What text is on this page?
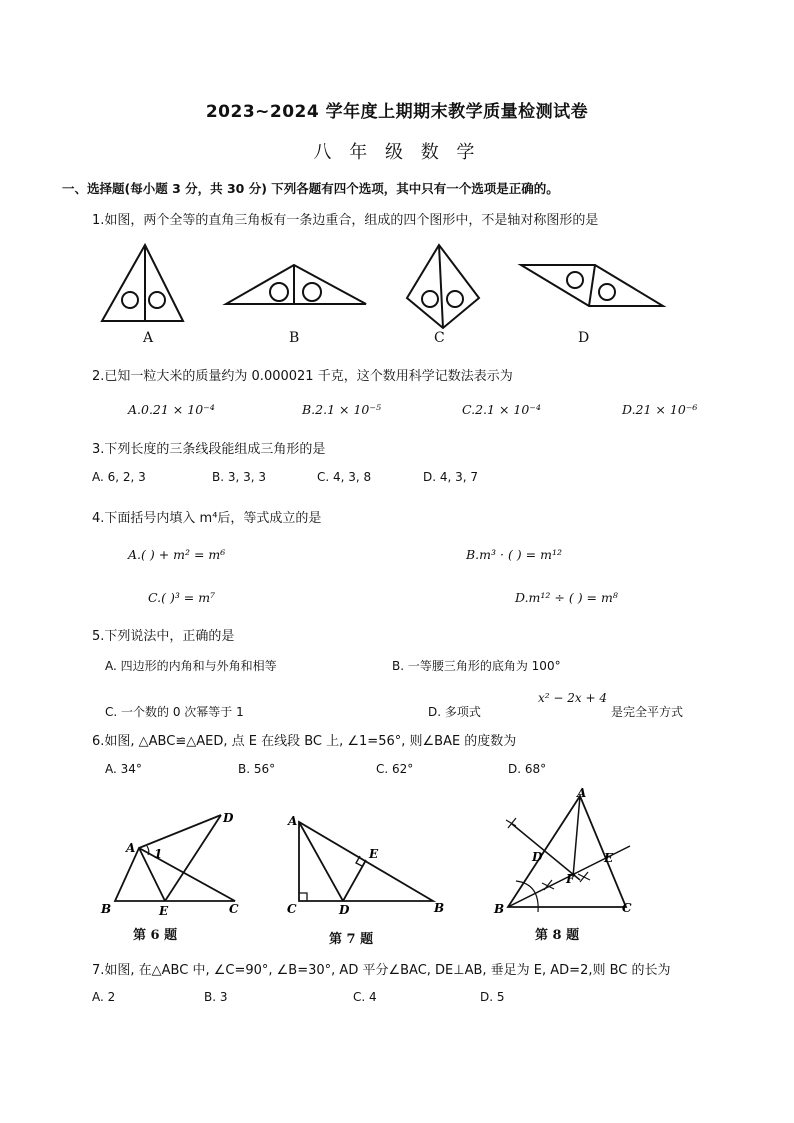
2023~2024 学年度上期期末教学质量检测试卷
八 年 级 数 学
一、选择题(每小题 3 分，共 30 分) 下列各题有四个选项，其中只有一个选项是正确的。
1.如图，两个全等的直角三角板有一条边重合，组成的四个图形中，不是轴对称图形的是
A	B	C	D
2.已知一粒大米的质量约为 0.000021 千克，这个数用科学记数法表示为
A.0.21 × 10⁻⁴	B.2.1 × 10⁻⁵	C.2.1 × 10⁻⁴	D.21 × 10⁻⁶
3.下列长度的三条线段能组成三角形的是
A. 6, 2, 3	B. 3, 3, 3	C. 4, 3, 8	D. 4, 3, 7
4.下面括号内填入 m⁴后，等式成立的是
A.( ) + m² = m⁶	B.m³ · ( ) = m¹²
C.( )³ = m⁷	D.m¹² ÷ ( ) = m⁸
5.下列说法中，正确的是
A. 四边形的内角和与外角和相等	B. 一等腰三角形的底角为 100°
C. 一个数的 0 次幂等于 1	D. 多项式
x² − 2x + 4
是完全平方式
6.如图, △ABC≌△AED, 点 E 在线段 BC 上, ∠1=56°, 则∠BAE 的度数为
A. 34°	B. 56°	C. 62°	D. 68°
A
B	C
D
E
1
第 6 题
A
B
C	D
E
第 7 题
A
B	C
D	E
F
第 8 题
7.如图, 在△ABC 中, ∠C=90°, ∠B=30°, AD 平分∠BAC, DE⊥AB, 垂足为 E, AD=2,则 BC 的长为
A. 2	B. 3	C. 4	D. 5
